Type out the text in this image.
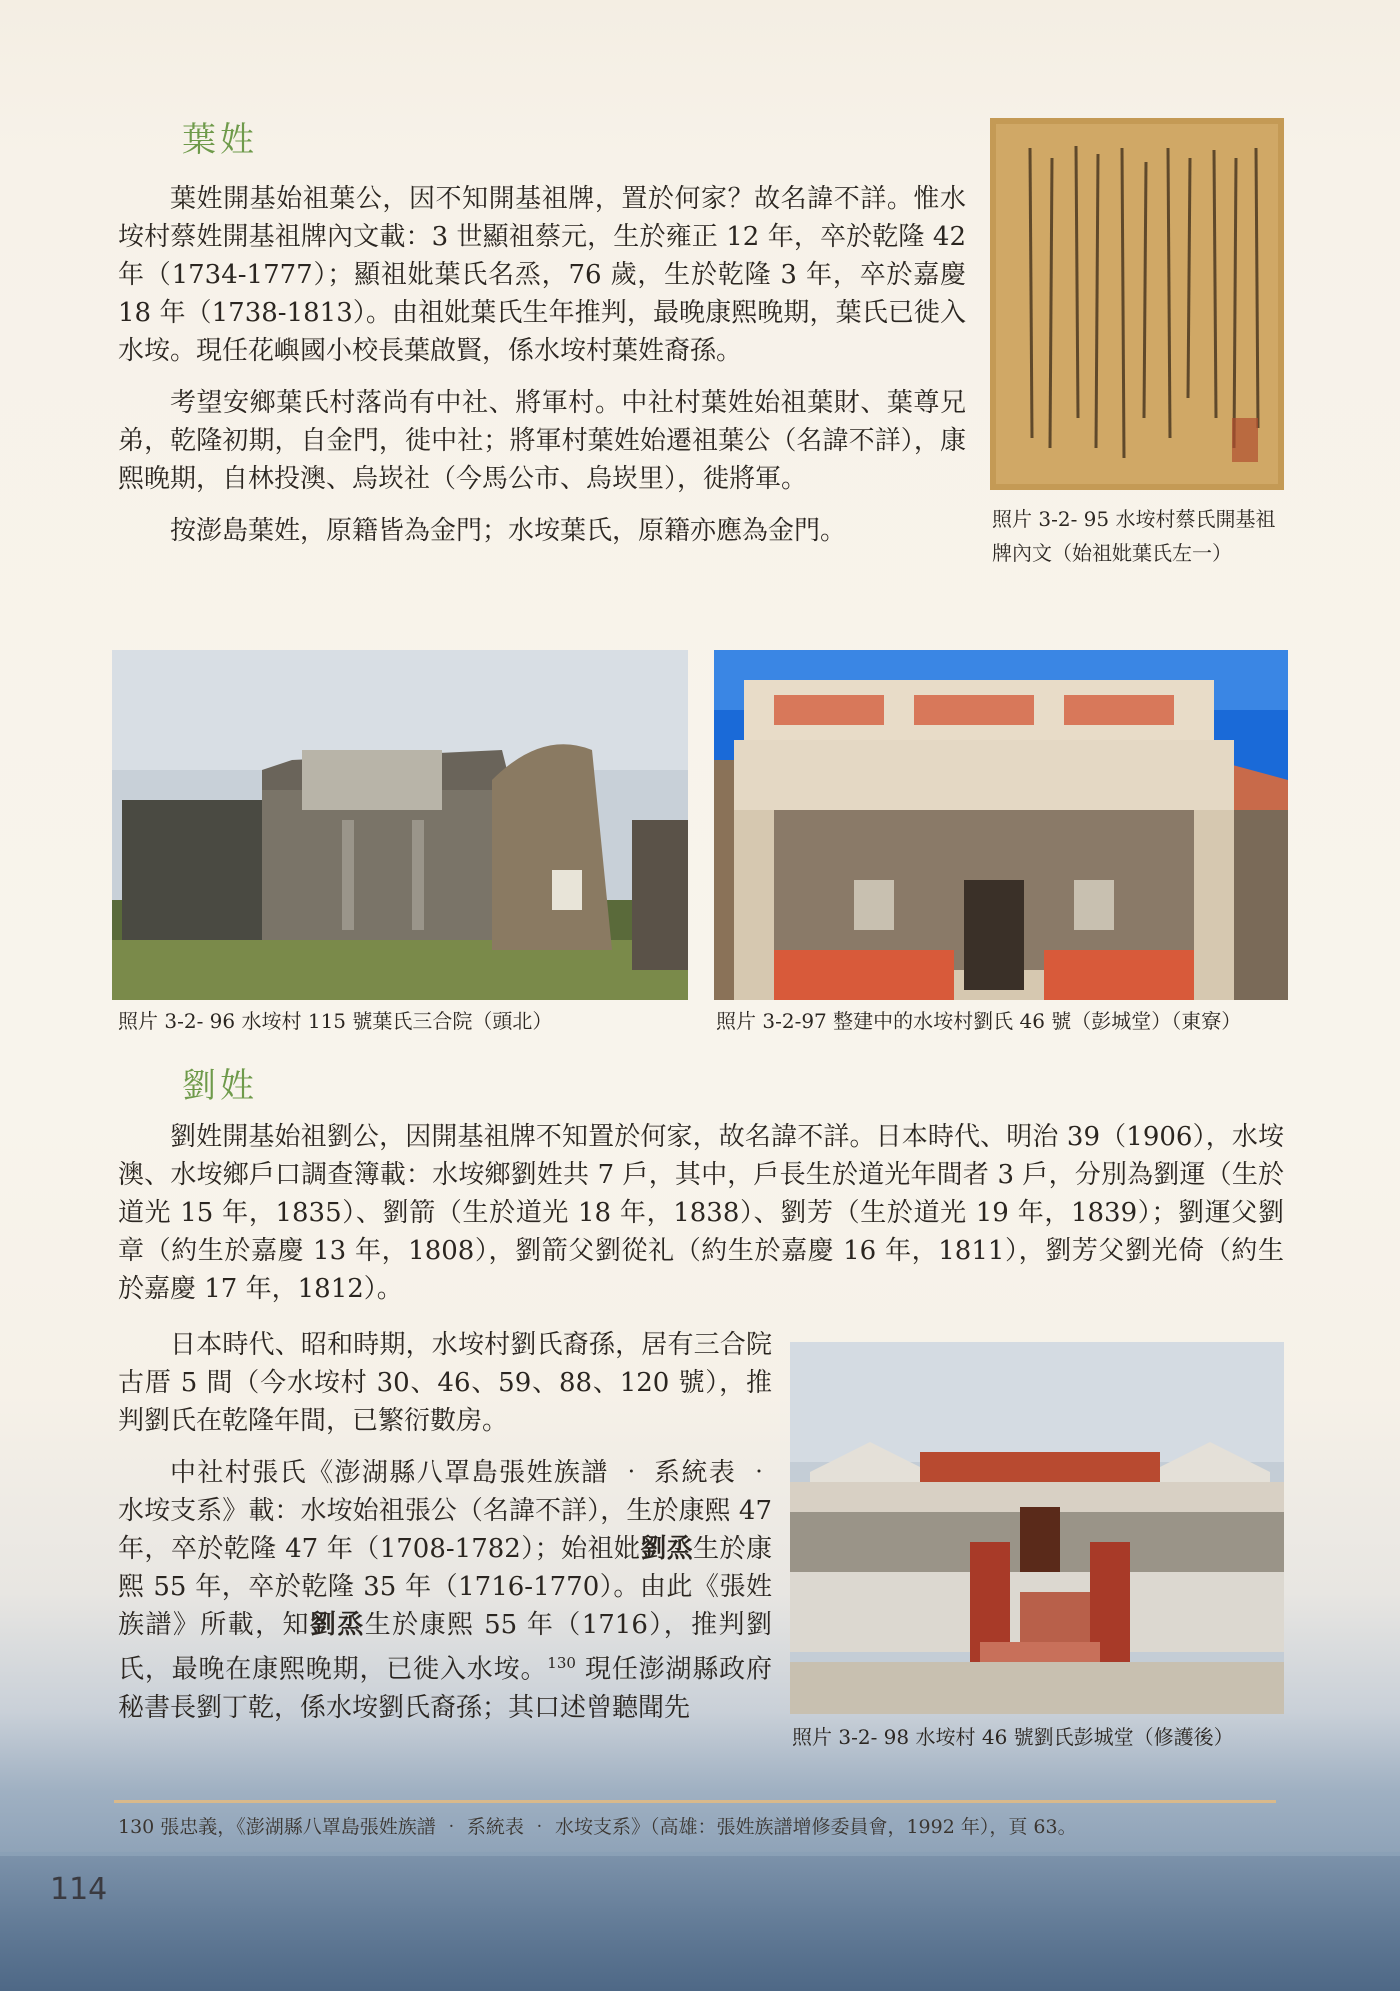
葉姓

葉姓開基始祖葉公，因不知開基祖牌，置於何家？故名諱不詳。惟水垵村蔡姓開基祖牌內文載：3 世顯祖蔡元，生於雍正 12 年，卒於乾隆 42 年（1734-1777）；顯祖妣葉氏名烝，76 歲，生於乾隆 3 年，卒於嘉慶 18 年（1738-1813）。由祖妣葉氏生年推判，最晚康熙晚期，葉氏已徙入水垵。現任花嶼國小校長葉啟賢，係水垵村葉姓裔孫。

考望安鄉葉氏村落尚有中社、將軍村。中社村葉姓始祖葉財、葉尊兄弟，乾隆初期，自金門，徙中社；將軍村葉姓始遷祖葉公（名諱不詳），康熙晚期，自林投澳、烏崁社（今馬公市、烏崁里），徙將軍。

按澎島葉姓，原籍皆為金門；水垵葉氏，原籍亦應為金門。	照片 3-2- 95 水垵村蔡氏開基祖牌內文（始祖妣葉氏左一）
照片 3-2- 96 水垵村 115 號葉氏三合院（頭北）	照片 3-2-97 整建中的水垵村劉氏 46 號（彭城堂）（東寮）
劉姓

劉姓開基始祖劉公，因開基祖牌不知置於何家，故名諱不詳。日本時代、明治 39（1906），水垵澳、水垵鄉戶口調查簿載：水垵鄉劉姓共 7 戶，其中，戶長生於道光年間者 3 戶，分別為劉運（生於道光 15 年，1835）、劉箭（生於道光 18 年，1838）、劉芳（生於道光 19 年，1839）；劉運父劉章（約生於嘉慶 13 年，1808），劉箭父劉從礼（約生於嘉慶 16 年，1811），劉芳父劉光倚（約生於嘉慶 17 年，1812）。

日本時代、昭和時期，水垵村劉氏裔孫，居有三合院古厝 5 間（今水垵村 30、46、59、88、120 號），推判劉氏在乾隆年間，已繁衍數房。

中社村張氏《澎湖縣八罩島張姓族譜 ‧ 系統表 ‧ 水垵支系》載：水垵始祖張公（名諱不詳），生於康熙 47 年，卒於乾隆 47 年（1708-1782）；始祖妣劉烝生於康熙 55 年，卒於乾隆 35 年（1716-1770）。由此《張姓族譜》所載，知劉烝生於康熙 55 年（1716），推判劉氏，最晚在康熙晚期，已徙入水垵。$^{130}$ 現任澎湖縣政府秘書長劉丁乾，係水垵劉氏裔孫；其口述曾聽聞先

照片 3-2- 98 水垵村 46 號劉氏彭城堂（修護後）
130 張忠義，《澎湖縣八罩島張姓族譜 ‧ 系統表 ‧ 水垵支系》（高雄：張姓族譜增修委員會，1992 年），頁 63。
114
